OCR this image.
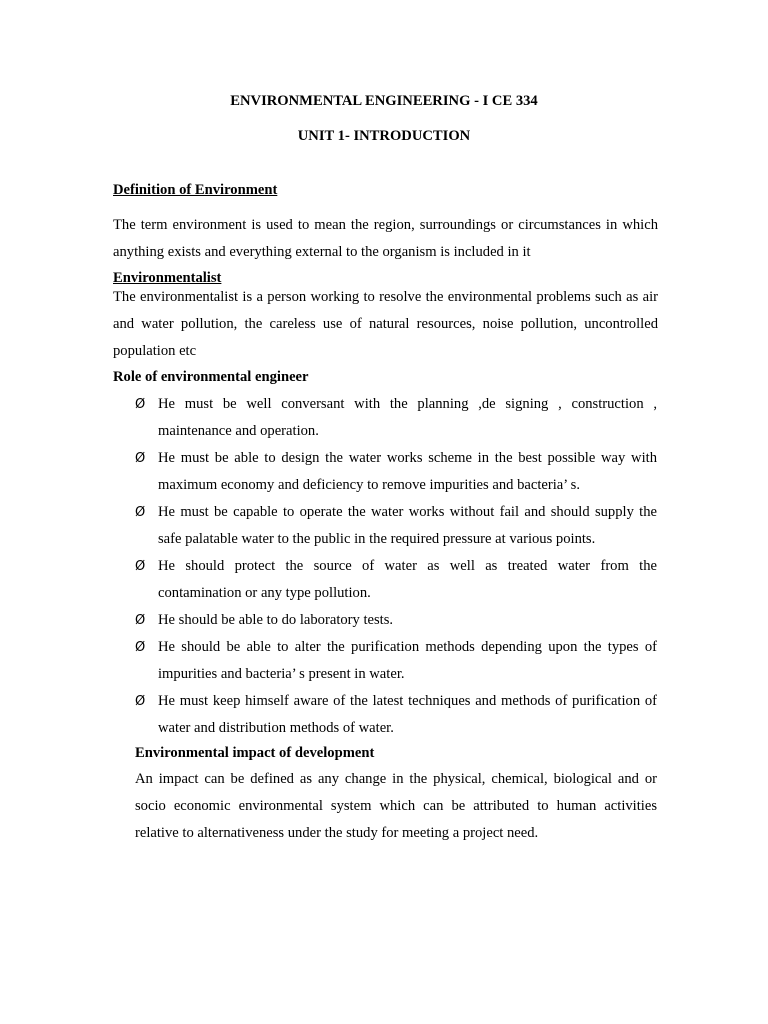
ENVIRONMENTAL ENGINEERING - I CE 334
UNIT 1- INTRODUCTION
Definition of Environment
The term environment is used to mean the region, surroundings or circumstances in which anything exists and everything external to the organism is included in it
Environmentalist
The environmentalist is a person working to resolve the environmental problems such as air and water pollution, the careless use of natural resources, noise pollution, uncontrolled population etc
Role of environmental engineer
Ø He must be well conversant with the planning ,de signing , construction , maintenance and operation.
Ø He must be able to design the water works scheme in the best possible way with maximum economy and deficiency to remove impurities and bacteria’ s.
Ø He must be capable to operate the water works without fail and should supply the safe palatable water to the public in the required pressure at various points.
Ø He should protect the source of water as well as treated water from the contamination or any type pollution.
Ø He should be able to do laboratory tests.
Ø He should be able to alter the purification methods depending upon the types of impurities and bacteria’ s present in water.
Ø He must keep himself aware of the latest techniques and methods of purification of water and distribution methods of water.
Environmental impact of development
An impact can be defined as any change in the physical, chemical, biological and or socio economic environmental system which can be attributed to human activities relative to alternativeness under the study for meeting a project need.
